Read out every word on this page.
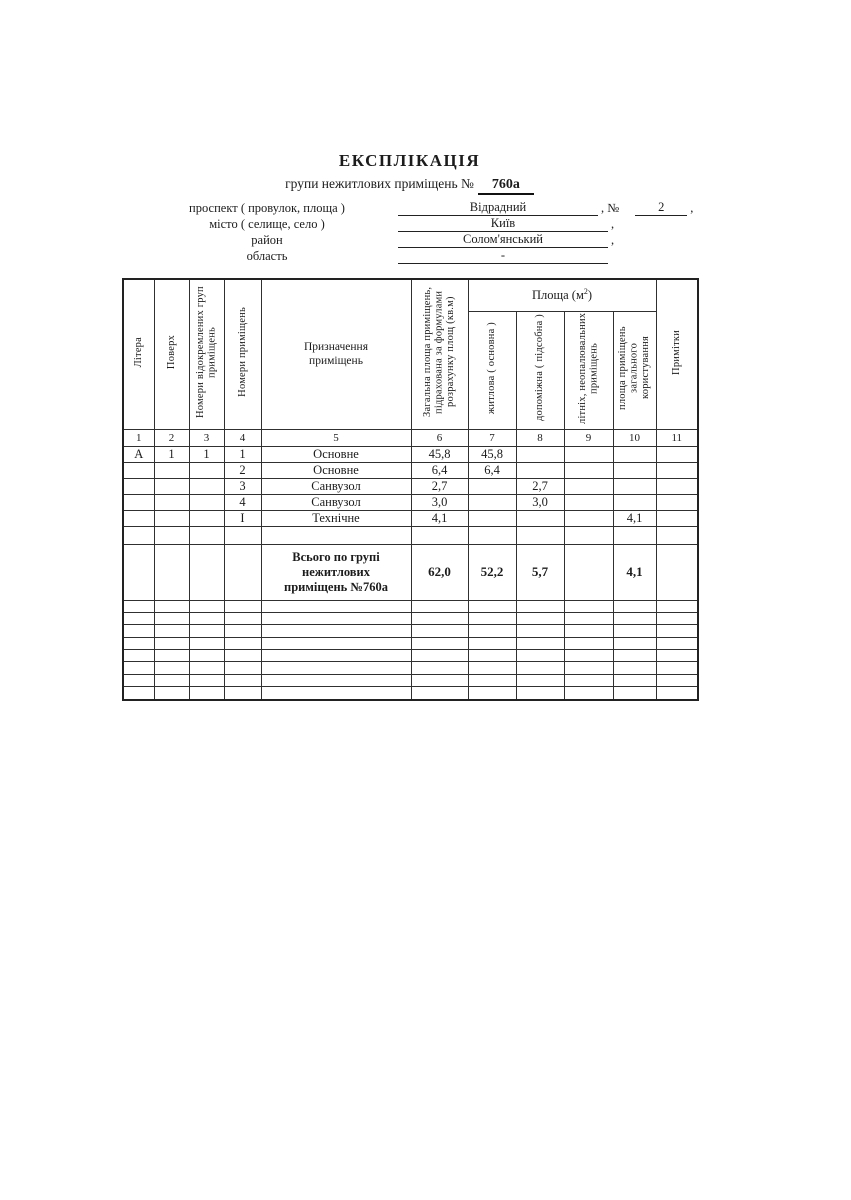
ЕКСПЛІКАЦІЯ
групи нежитлових приміщень № 760а
проспект ( провулок, площа )	Відрадний	, №	2	,
місто ( селище, село )	Київ	,
район	Солом'янський	,
область	-
Літера	Поверх	Номери відокремлених груп приміщень	Номери приміщень	Призначення приміщень	Загальна площа приміщень, підрахована за формулами розрахунку площ (кв.м)	Площа $(м^2)$				Примітки
						житлова ( основна )	допоміжна ( підсобна )	літніх, неопалювальних приміщень	площа приміщень загального користування	
1	2	3	4	5	6	7	8	9	10	11
А	1	1	1	Основне	45,8	45,8				
			2	Основне	6,4	6,4				
			3	Санвузол	2,7		2,7			
			4	Санвузол	3,0		3,0			
			І	Технічне	4,1				4,1	

				Всього по групі нежитлових приміщень №760а	62,0	52,2	5,7		4,1	
